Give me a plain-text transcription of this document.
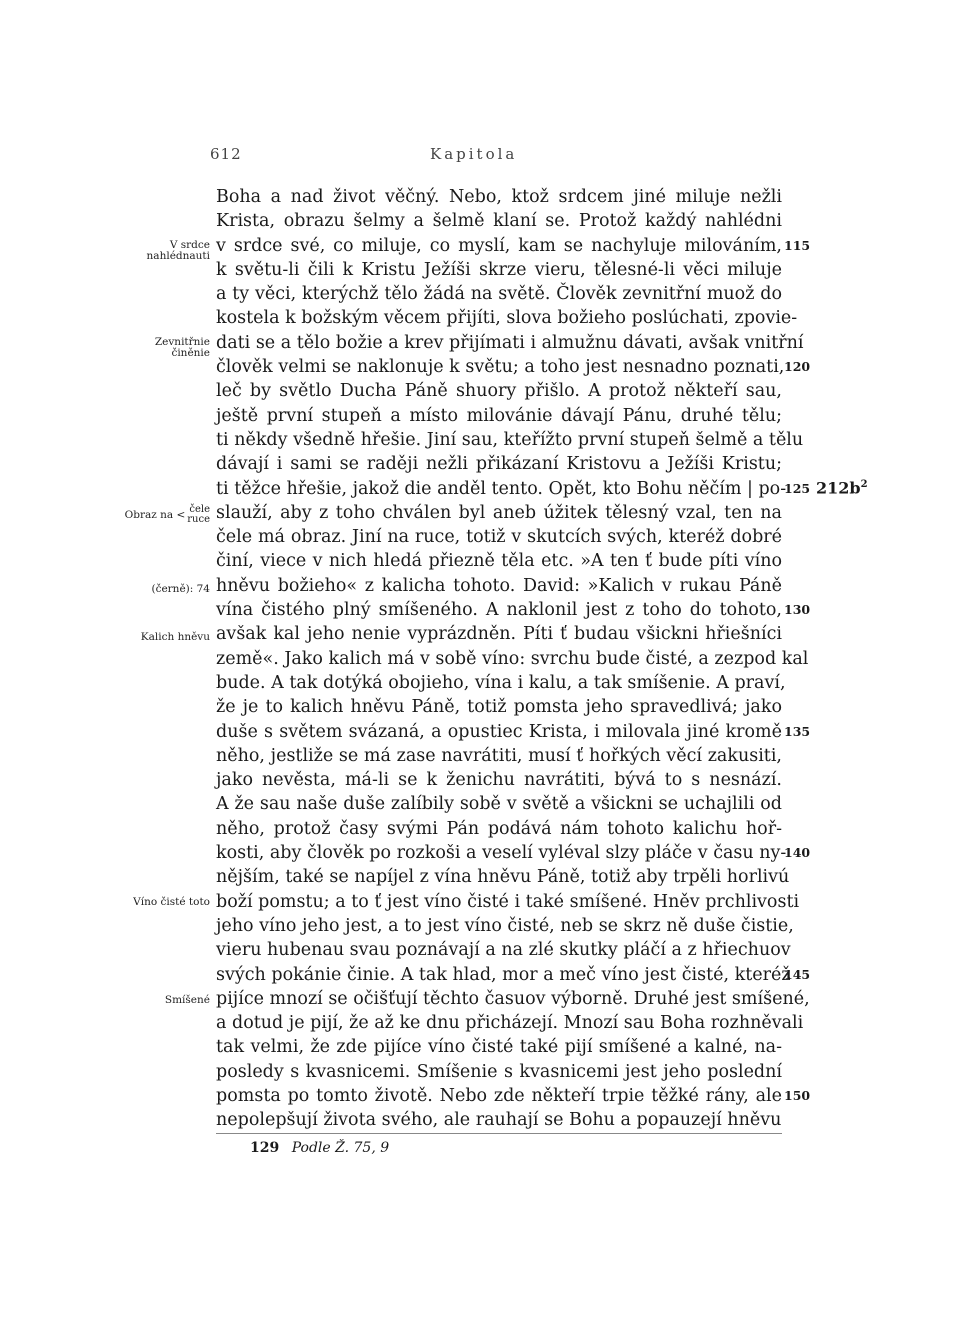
612	Kapitola
Boha a nad život věčný. Nebo, ktož srdcem jiné miluje nežli
Krista, obrazu šelmy a šelmě klaní se. Protož každý nahlédni
v srdce své, co miluje, co myslí, kam se nachyluje milováním, 115
k světu-li čili k Kristu Ježíši skrze vieru, tělesné-li věci miluje
a ty věci, kterýchž tělo žádá na světě. Člověk zevnitřní muož do
kostela k božským věcem přijíti, slova božieho poslúchati, zpovie-
dati se a tělo božie a krev přijímati i almužnu dávati, avšak vnitřní
člověk velmi se naklonuje k světu; a toho jest nesnadno poznati, 120
leč by světlo Ducha Páně shuory přišlo. A protož někteří sau,
ještě první stupeň a místo milovánie dávají Pánu, druhé tělu;
ti někdy všedně hřešie. Jiní sau, kteřížto první stupeň šelmě a tělu
dávají i sami se raději nežli přikázaní Kristovu a Ježíši Kristu;
ti těžce hřešie, jakož die anděl tento. Opět, kto Bohu něčím | po-
125 $212b^2$
slauží, aby z toho chválen byl aneb úžitek tělesný vzal, ten na
čele má obraz. Jiní na ruce, totiž v skutcích svých, kteréž dobré
činí, viece v nich hledá přiezně těla etc. »A ten ť bude píti víno
hněvu božieho« z kalicha tohoto. David: »Kalich v rukau Páně
vína čistého plný smíšeného. A naklonil jest z toho do tohoto, 130
avšak kal jeho nenie vyprázdněn. Píti ť budau všickni hřiešníci
země«. Jako kalich má v sobě víno: svrchu bude čisté, a zezpod kal
bude. A tak dotýká obojieho, vína i kalu, a tak smíšenie. A praví,
že je to kalich hněvu Páně, totiž pomsta jeho spravedlivá; jako
duše s světem svázaná, a opustiec Krista, i milovala jiné kromě 135
něho, jestliže se má zase navrátiti, musí ť hořkých věcí zakusiti,
jako nevěsta, má-li se k ženichu navrátiti, bývá to s nesnází.
A že sau naše duše zalíbily sobě v světě a všickni se uchajlili od
něho, protož časy svými Pán podává nám tohoto kalichu hoř-
kosti, aby člověk po rozkoši a veselí vyléval slzy pláče v času ny-
140
nějším, také se napíjel z vína hněvu Páně, totiž aby trpěli horlivú
boží pomstu; a to ť jest víno čisté i také smíšené. Hněv prchlivosti
jeho víno jeho jest, a to jest víno čisté, neb se skrz ně duše čistie,
vieru hubenau svau poznávají a na zlé skutky pláčí a z hřiechuov
svých pokánie činie. A tak hlad, mor a meč víno jest čisté, kteréž
145
pijíce mnozí se očišťují těchto časuov výborně. Druhé jest smíšené,
a dotud je pijí, že až ke dnu přicházejí. Mnozí sau Boha rozhněvali
tak velmi, že zde pijíce víno čisté také pijí smíšené a kalné, na-
posledy s kvasnicemi. Smíšenie s kvasnicemi jest jeho poslední
pomsta po tomto životě. Nebo zde někteří trpie těžké rány, ale 150
nepolepšují života svého, ale rauhají se Bohu a popauzejí hněvu
V srdce nahlédnauti
Zevnitřnie činěnie
Obraz na < čele
ruce
(černě): 74
Kalich hněvu
Víno čisté toto
Smíšené
129 Podle Ž. 75, 9
